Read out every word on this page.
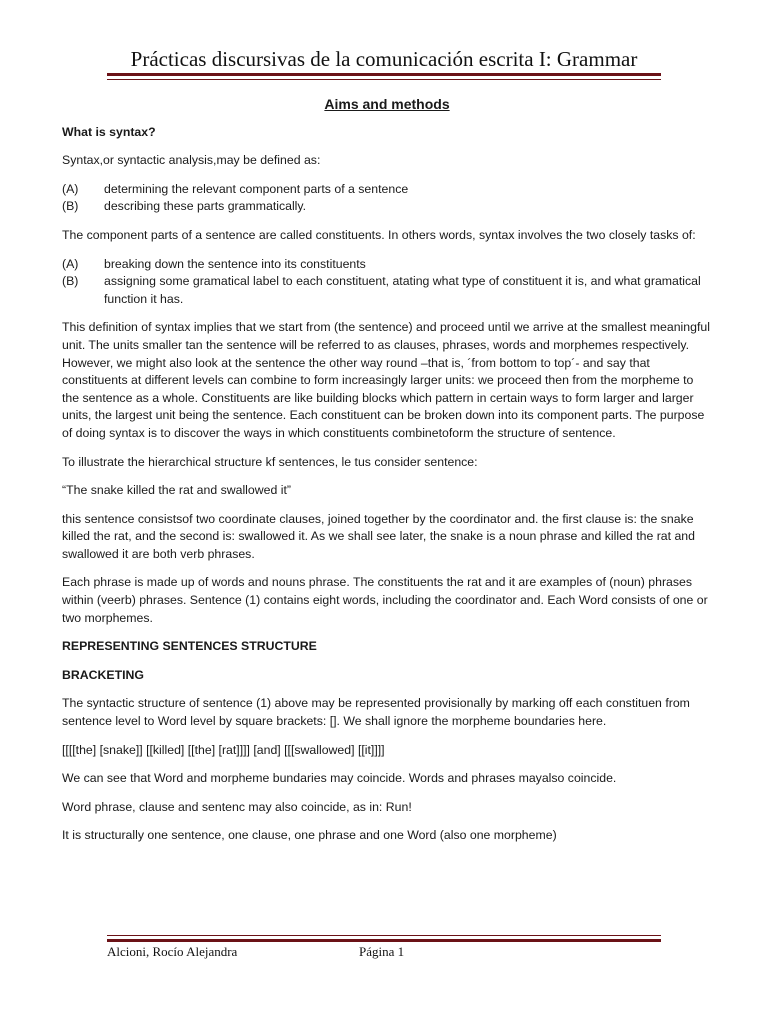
Prácticas discursivas de la comunicación escrita I: Grammar
Aims and methods

What is syntax?

Syntax,or syntactic analysis,may be defined as:

(A)	determining the relevant component parts of a sentence
(B)	describing these parts grammatically.

The component parts of a sentence are called constituents. In others words, syntax involves the two closely tasks of:

(A)	breaking down the sentence into its constituents
(B)	assigning some gramatical label to each constituent, atating what type of constituent it is, and what gramatical function it has.

This definition of syntax implies that we start from (the sentence) and proceed until we arrive at the smallest meaningful unit. The units smaller tan the sentence will be referred to as clauses, phrases, words and morphemes respectively. However, we might also look at the sentence the other way round –that is, ´from bottom to top´- and say that constituents at different levels can combine to form increasingly larger units: we proceed then from the morpheme to the sentence as a whole. Constituents are like building blocks which pattern in certain ways to form larger and larger units, the largest unit being the sentence. Each constituent can be broken down into its component parts. The purpose of doing syntax is to discover the ways in which constituents combinetoform the structure of sentence.

To illustrate the hierarchical structure kf sentences, le tus consider sentence:

“The snake killed the rat and swallowed it”

this sentence consistsof two coordinate clauses, joined together by the coordinator and. the first clause is: the snake killed the rat, and the second is: swallowed it. As we shall see later, the snake is a noun phrase and killed the rat and swallowed it are both verb phrases.

Each phrase is made up of words and nouns phrase. The constituents the rat and it are examples of (noun) phrases within (veerb) phrases. Sentence (1) contains eight words, including the coordinator and. Each Word consists of one or two morphemes.

REPRESENTING SENTENCES STRUCTURE

BRACKETING

The syntactic structure of sentence (1) above may be represented provisionally by marking off each constituen from sentence level to Word level by square brackets: []. We shall ignore the morpheme boundaries here.

[[[[the] [snake]] [[killed] [[the] [rat]]]] [and] [[[swallowed] [[it]]]]

We can see that Word and morpheme bundaries may coincide. Words and phrases mayalso coincide.

Word phrase, clause and sentenc may also coincide, as in: Run!

It is structurally one sentence, one clause, one phrase and one Word (also one morpheme)

Alcioni, Rocío Alejandra	Página 1
